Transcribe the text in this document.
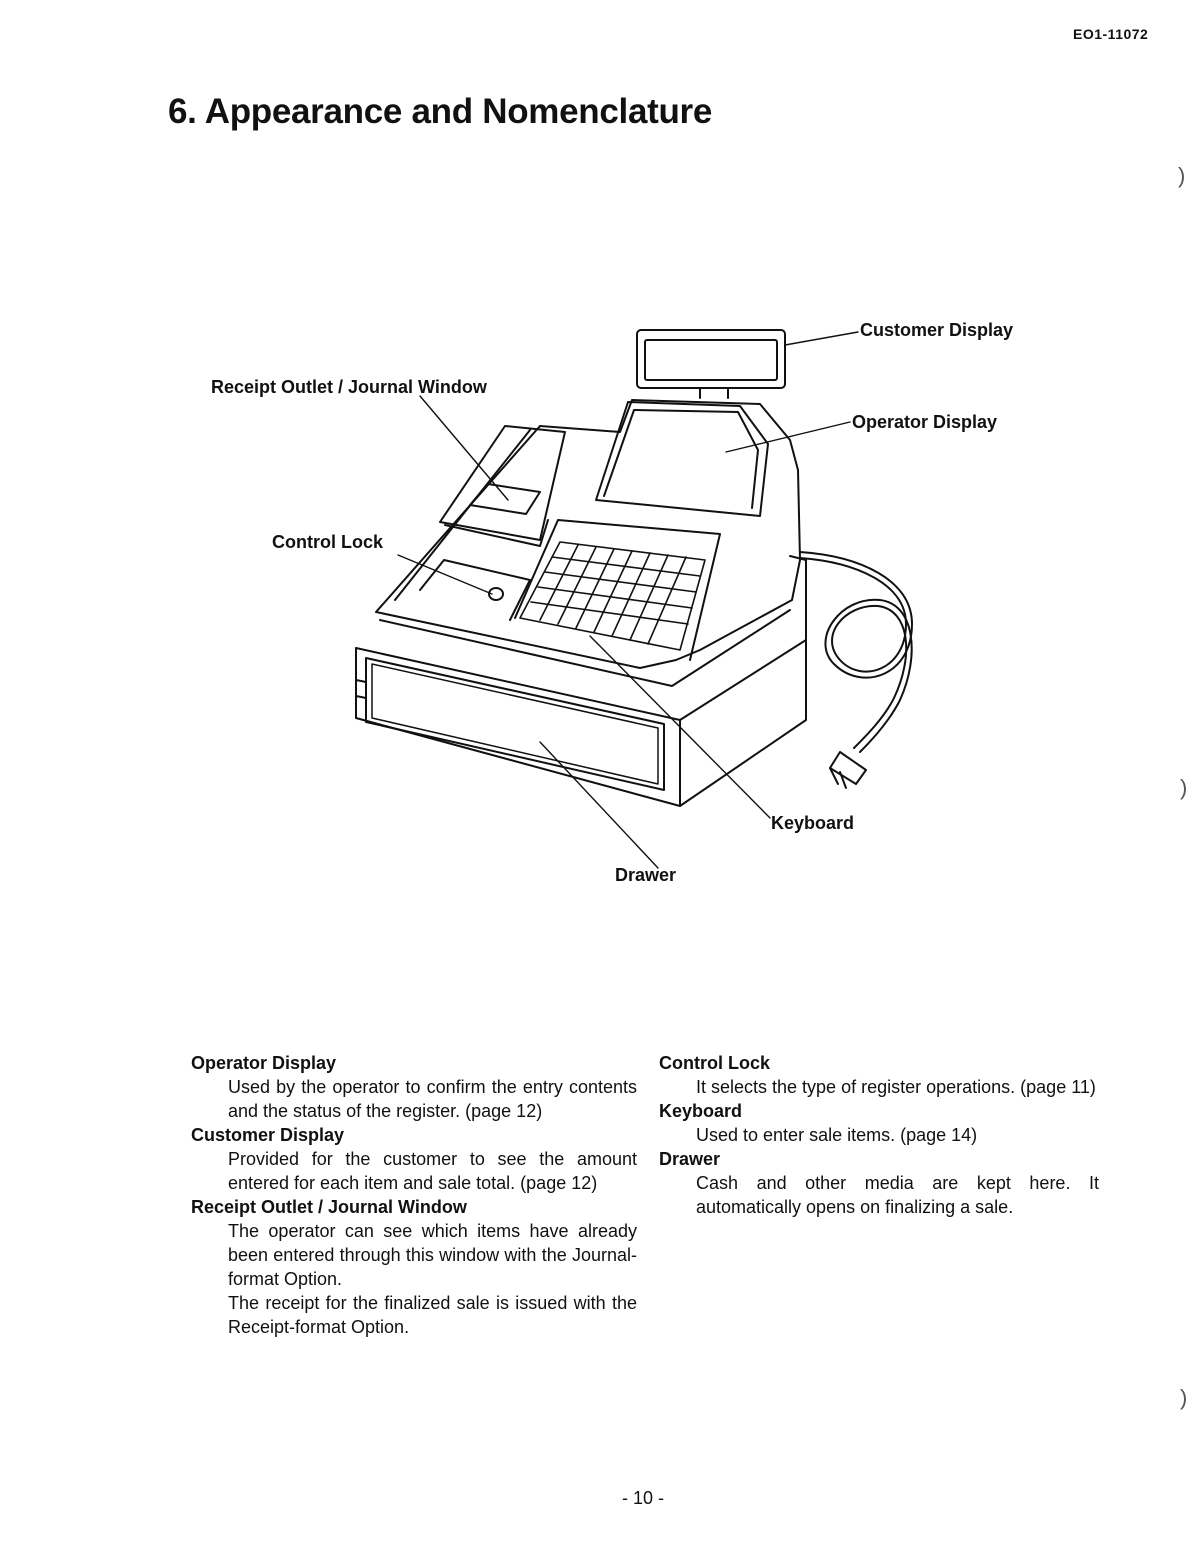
EO1-11072
6. Appearance and Nomenclature
Customer Display
Operator Display
Receipt Outlet / Journal Window
Control Lock
Keyboard
Drawer
Operator Display
Used by the operator to confirm the entry contents and the status of the register. (page 12)
Customer Display
Provided for the customer to see the amount entered for each item and sale total. (page 12)
Receipt Outlet / Journal Window
The operator can see which items have already been entered through this window with the Journal-format Option.
The receipt for the finalized sale is issued with the Receipt-format Option.
Control Lock
It selects the type of register operations. (page 11)
Keyboard
Used to enter sale items. (page 14)
Drawer
Cash and other media are kept here. It automatically opens on finalizing a sale.
- 10 -
)
)
)
